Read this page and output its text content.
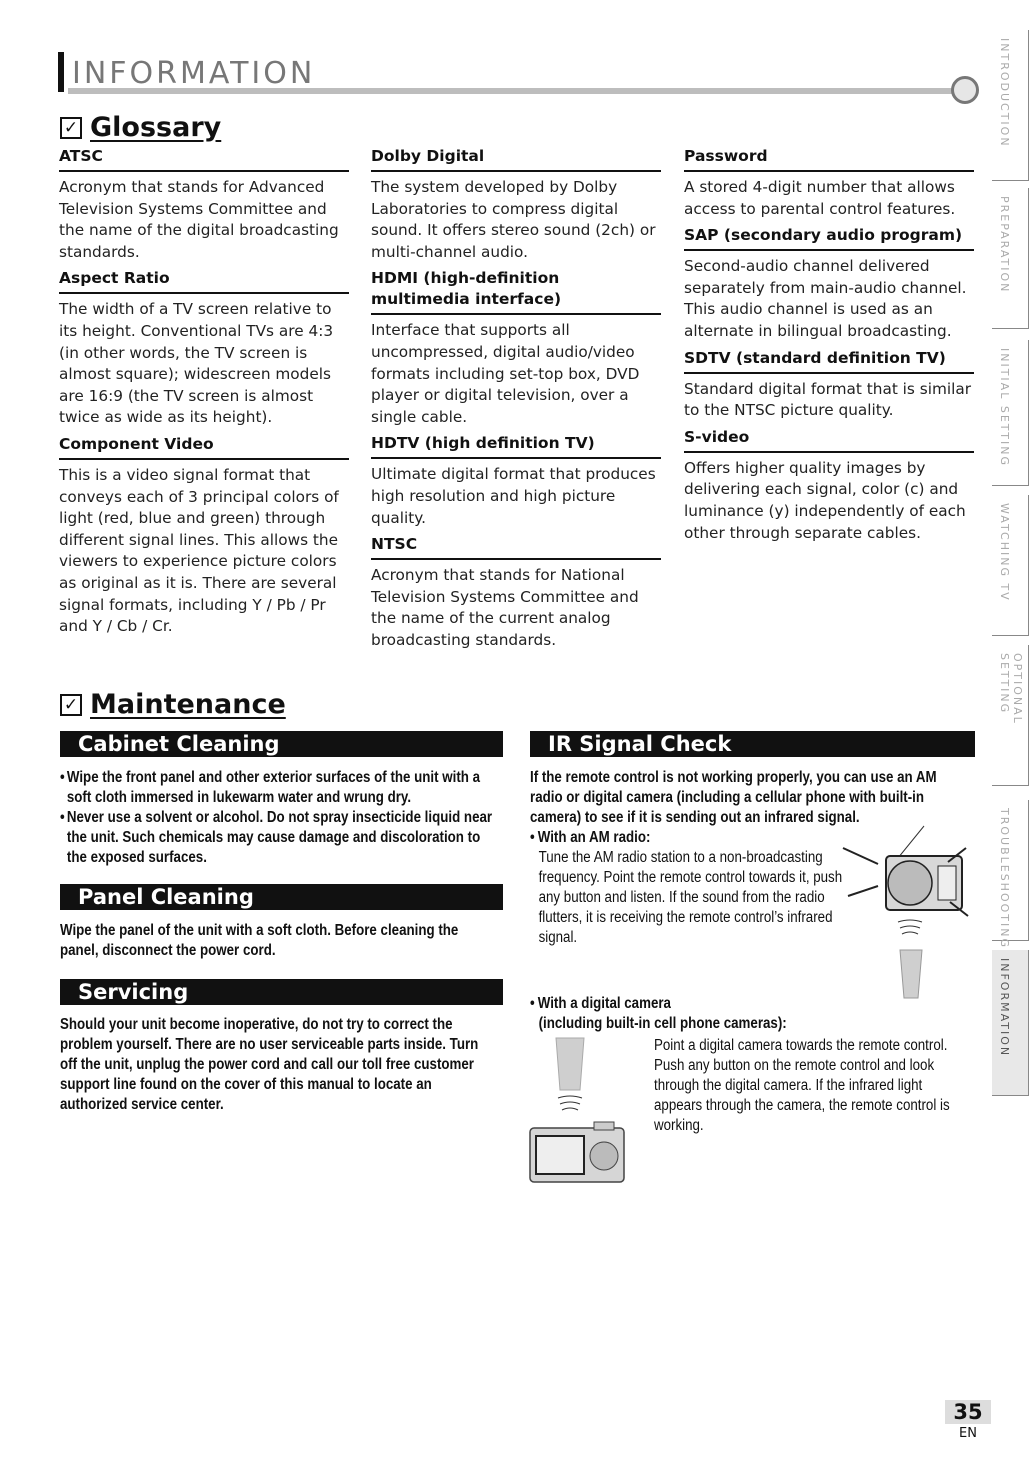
INFORMATION	INTRODUCTION
PREPARATION
INITIAL SETTING
WATCHING TV
OPTIONAL SETTING
TROUBLESHOOTING
INFORMATION
✓ Glossary
ATSC
Acronym that stands for Advanced Television Systems Committee and the name of the digital broadcasting standards.
Aspect Ratio
The width of a TV screen relative to its height. Conventional TVs are 4:3 (in other words, the TV screen is almost square); widescreen models are 16:9 (the TV screen is almost twice as wide as its height).
Component Video
This is a video signal format that conveys each of 3 principal colors of light (red, blue and green) through different signal lines. This allows the viewers to experience picture colors as original as it is. There are several signal formats, including Y / Pb / Pr and Y / Cb / Cr.
Dolby Digital
The system developed by Dolby Laboratories to compress digital sound. It offers stereo sound (2ch) or multi-channel audio.
HDMI (high-definition multimedia interface)
Interface that supports all uncompressed, digital audio/video formats including set-top box, DVD player or digital television, over a single cable.
HDTV (high definition TV)
Ultimate digital format that produces high resolution and high picture quality.
NTSC
Acronym that stands for National Television Systems Committee and the name of the current analog broadcasting standards.
Password
A stored 4-digit number that allows access to parental control features.
SAP (secondary audio program)
Second-audio channel delivered separately from main-audio channel. This audio channel is used as an alternate in bilingual broadcasting.
SDTV (standard definition TV)
Standard digital format that is similar to the NTSC picture quality.
S-video
Offers higher quality images by delivering each signal, color (c) and luminance (y) independently of each other through separate cables.
✓ Maintenance
Cabinet Cleaning
• Wipe the front panel and other exterior surfaces of the unit with a soft cloth immersed in lukewarm water and wrung dry.
• Never use a solvent or alcohol. Do not spray insecticide liquid near the unit. Such chemicals may cause damage and discoloration to the exposed surfaces.
Panel Cleaning
Wipe the panel of the unit with a soft cloth. Before cleaning the panel, disconnect the power cord.
Servicing
Should your unit become inoperative, do not try to correct the problem yourself. There are no user serviceable parts inside. Turn off the unit, unplug the power cord and call our toll free customer support line found on the cover of this manual to locate an authorized service center.
IR Signal Check
If the remote control is not working properly, you can use an AM radio or digital camera (including a cellular phone with built-in camera) to see if it is sending out an infrared signal.
• With an AM radio:
Tune the AM radio station to a non-broadcasting frequency. Point the remote control towards it, push any button and listen. If the sound from the radio flutters, it is receiving the remote control’s infrared signal.
• With a digital camera
(including built-in cell phone cameras):
Point a digital camera towards the remote control. Push any button on the remote control and look through the digital camera. If the infrared light appears through the camera, the remote control is working.
35
EN
